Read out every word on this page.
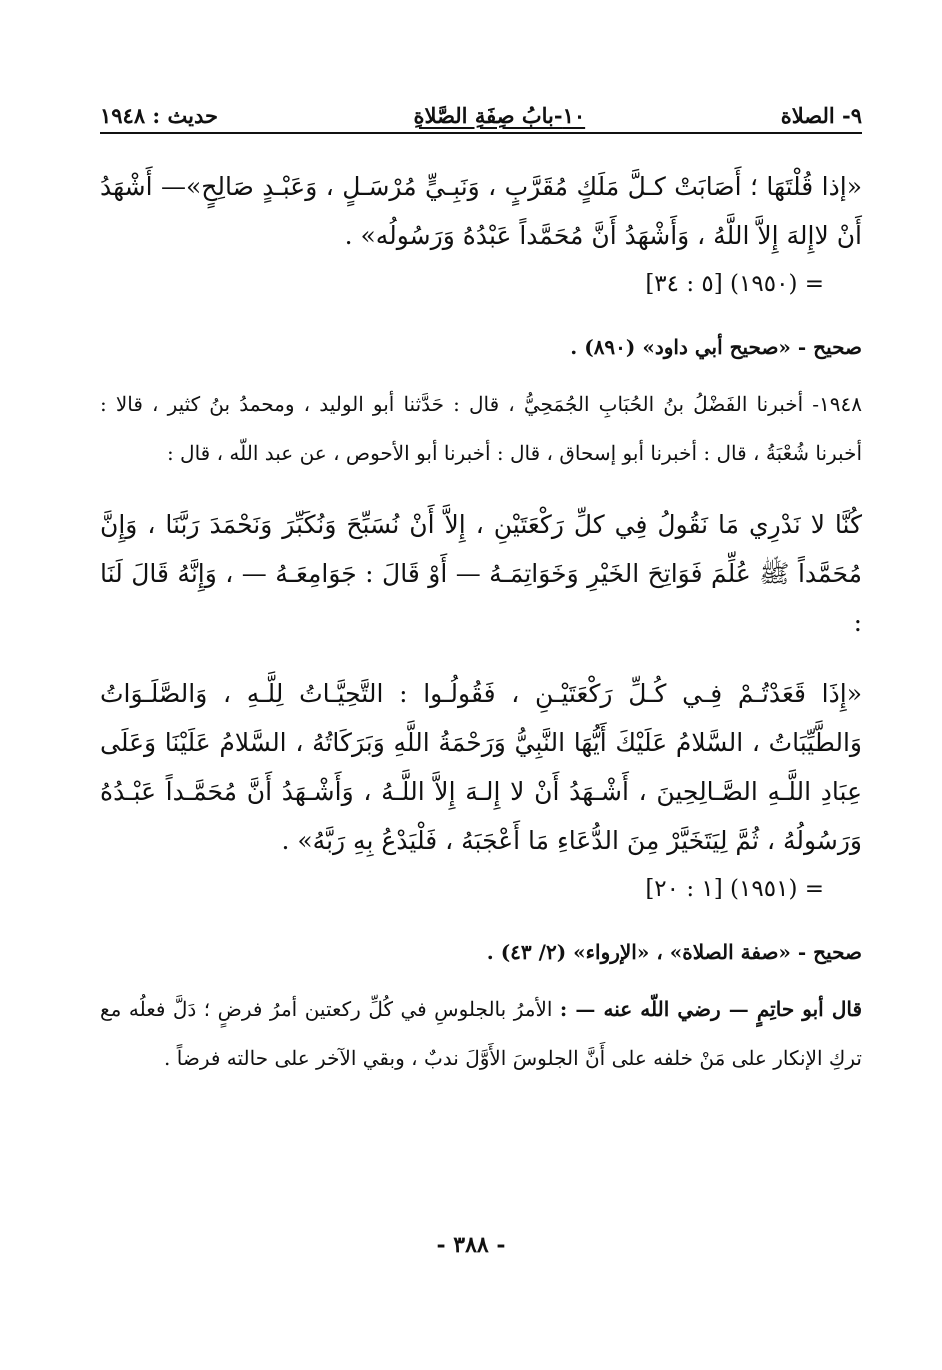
٩- الصلاة
١٠-بابُ صِفَةِ الصَّلاةِ
حديث : ١٩٤٨

«إذا قُلْتَهَا ؛ أَصَابَتْ كـلَّ مَلَكٍ مُقَرَّبٍ ، وَنَبِـيٍّ مُرْسَـلٍ ، وَعَبْـدٍ صَالِحٍ»— أَشْهَدُ أَنْ لاإِلهَ إِلاَّ اللَّهُ ، وَأَشْهَدُ أَنَّ مُحَمَّداً عَبْدُهُ وَرَسُولُه» .

= (١٩٥٠) [٥ : ٣٤]

صحيح - «صحيح أبي داود» (٨٩٠) .

١٩٤٨- أخبرنا الفَضْلُ بنُ الحُبَابِ الجُمَحِيُّ ، قال : حَدَّثنا أبو الوليد ، ومحمدُ بنُ كثير ، قالا : أخبرنا شُعْبَةُ ، قال : أخبرنا أبو إسحاق ، قال : أخبرنا أبو الأحوص ، عن عبد اللّه ، قال :

كُنَّا لا نَدْرِي مَا نَقُولُ فِي كلِّ رَكْعَتَيْنِ ، إِلاَّ أَنْ نُسَبِّحَ وَنُكَبِّرَ وَنَحْمَدَ رَبَّنَا ، وَإِنَّ مُحَمَّداً ﷺ عُلِّمَ فَوَاتِحَ الخَيْرِ وَخَوَاتِمَـهُ — أَوْ قَالَ : جَوَامِعَـهُ — ، وَإِنَّهُ قَالَ لَنَا :

«إِذَا قَعَدْتُـمْ فِـي كُـلِّ رَكْعَتَيْـنِ ، فَقُولُـوا : التَّحِيَّـاتُ لِلَّـهِ ، وَالصَّلَـوَاتُ وَالطَّيِّبَاتُ ، السَّلامُ عَلَيْكَ أَيُّهَا النَّبِيُّ وَرَحْمَةُ اللَّهِ وَبَرَكَاتُهُ ، السَّلامُ عَلَيْنَا وَعَلَى عِبَادِ اللَّـهِ الصَّـالِحِينَ ، أَشْـهَدُ أَنْ لا إِلـهَ إِلاَّ اللَّـهُ ، وَأَشْـهَدُ أَنَّ مُحَمَّـداً عَبْـدُهُ وَرَسُولُهُ ، ثُمَّ لِيَتَخَيَّرْ مِنَ الدُّعَاءِ مَا أَعْجَبَهُ ، فَلْيَدْعُ بِهِ رَبَّهُ» .

= (١٩٥١) [١ : ٢٠]

صحيح - «صفة الصلاة» ، «الإرواء» (٢/ ٤٣) .

قال أبو حاتِمٍ — رضي اللّه عنه — : الأمرُ بالجلوسِ في كُلِّ ركعتين أمرُ فرضٍ ؛ دَلَّ فعلُه مع تركِ الإنكار على مَنْ خلفه على أَنَّ الجلوسَ الأَوَّلَ ندبٌ ، وبقي الآخر على حالته فرضاً .

- ٣٨٨ -
